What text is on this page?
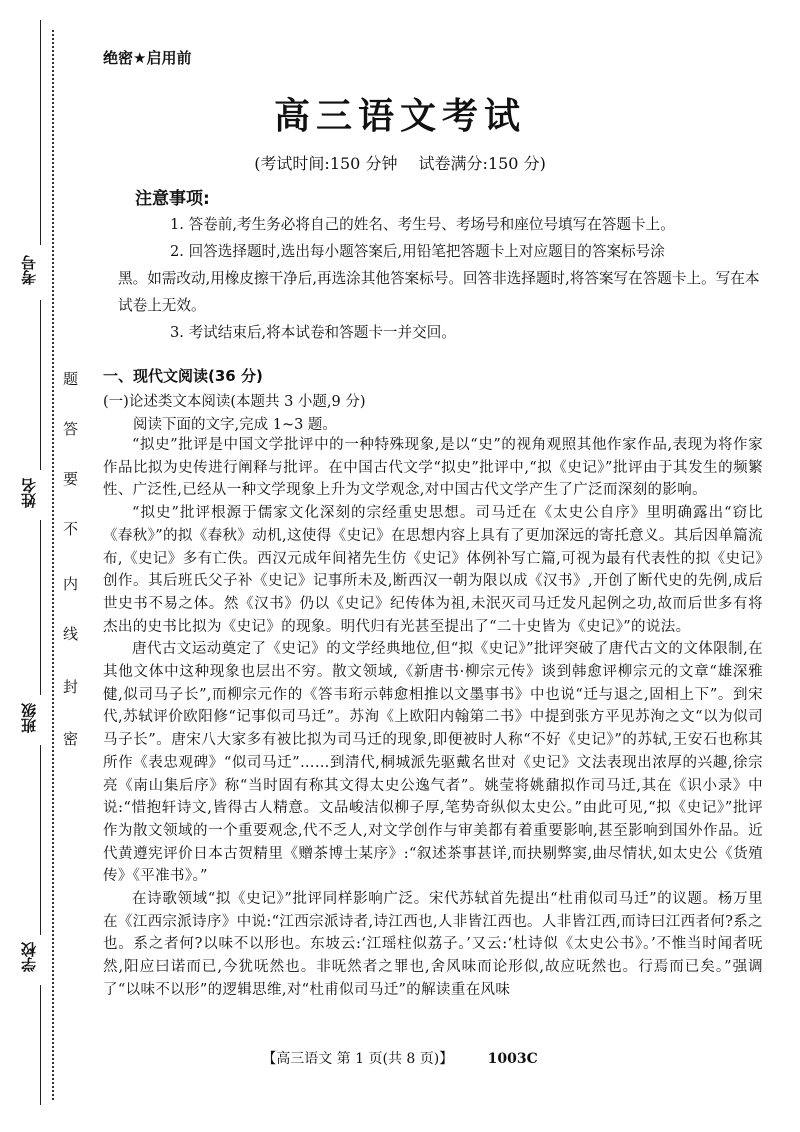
考号
姓名
班级
学校
题
答
要
不
内
线
封
密
绝密★启用前
高三语文考试
(考试时间:150 分钟 试卷满分:150 分)
注意事项:

1. 答卷前,考生务必将自己的姓名、考生号、考场号和座位号填写在答题卡上。

2. 回答选择题时,选出每小题答案后,用铅笔把答题卡上对应题目的答案标号涂

黑。如需改动,用橡皮擦干净后,再选涂其他答案标号。回答非选择题时,将答案写在答题卡上。写在本试卷上无效。

3. 考试结束后,将本试卷和答题卡一并交回。

一、现代文阅读(36 分)
(一)论述类文本阅读(本题共 3 小题,9 分)
阅读下面的文字,完成 1~3 题。

“拟史”批评是中国文学批评中的一种特殊现象,是以“史”的视角观照其他作家作品,表现为将作家作品比拟为史传进行阐释与批评。在中国古代文学“拟史”批评中,“拟《史记》”批评由于其发生的频繁性、广泛性,已经从一种文学现象上升为文学观念,对中国古代文学产生了广泛而深刻的影响。

“拟史”批评根源于儒家文化深刻的宗经重史思想。司马迁在《太史公自序》里明确露出“窃比《春秋》”的拟《春秋》动机,这使得《史记》在思想内容上具有了更加深远的寄托意义。其后因单篇流布,《史记》多有亡佚。西汉元成年间褚先生仿《史记》体例补写亡篇,可视为最有代表性的拟《史记》创作。其后班氏父子补《史记》记事所未及,断西汉一朝为限以成《汉书》,开创了断代史的先例,成后世史书不易之体。然《汉书》仍以《史记》纪传体为祖,未泯灭司马迁发凡起例之功,故而后世多有将杰出的史书比拟为《史记》的现象。明代归有光甚至提出了“二十史皆为《史记》”的说法。

唐代古文运动奠定了《史记》的文学经典地位,但“拟《史记》”批评突破了唐代古文的文体限制,在其他文体中这种现象也层出不穷。散文领域,《新唐书·柳宗元传》谈到韩愈评柳宗元的文章“雄深雅健,似司马子长”,而柳宗元作的《答韦珩示韩愈相推以文墨事书》中也说“迁与退之,固相上下”。到宋代,苏轼评价欧阳修“记事似司马迁”。苏洵《上欧阳内翰第二书》中提到张方平见苏洵之文“以为似司马子长”。唐宋八大家多有被比拟为司马迁的现象,即便被时人称“不好《史记》”的苏轼,王安石也称其所作《表忠观碑》“似司马迁”……到清代,桐城派先驱戴名世对《史记》文法表现出浓厚的兴趣,徐宗亮《南山集后序》称“当时固有称其文得太史公逸气者”。姚莹将姚鼐拟作司马迁,其在《识小录》中说:“惜抱轩诗文,皆得古人精意。文品峻洁似柳子厚,笔势奇纵似太史公。”由此可见,“拟《史记》”批评作为散文领域的一个重要观念,代不乏人,对文学创作与审美都有着重要影响,甚至影响到国外作品。近代黄遵宪评价日本古贺精里《赠茶博士某序》:“叙述茶事甚详,而抉剔弊窦,曲尽情状,如太史公《货殖传》《平准书》。”

在诗歌领域“拟《史记》”批评同样影响广泛。宋代苏轼首先提出“杜甫似司马迁”的议题。杨万里在《江西宗派诗序》中说:“江西宗派诗者,诗江西也,人非皆江西也。人非皆江西,而诗曰江西者何?系之也。系之者何?以味不以形也。东坡云:‘江瑶柱似荔子。’又云:‘杜诗似《太史公书》。’不惟当时闻者呒然,阳应曰诺而已,今犹呒然也。非呒然者之罪也,舍风味而论形似,故应呒然也。行焉而已矣。”强调了“以味不以形”的逻辑思维,对“杜甫似司马迁”的解读重在风味

【高三语文 第 1 页(共 8 页)】 1003C
